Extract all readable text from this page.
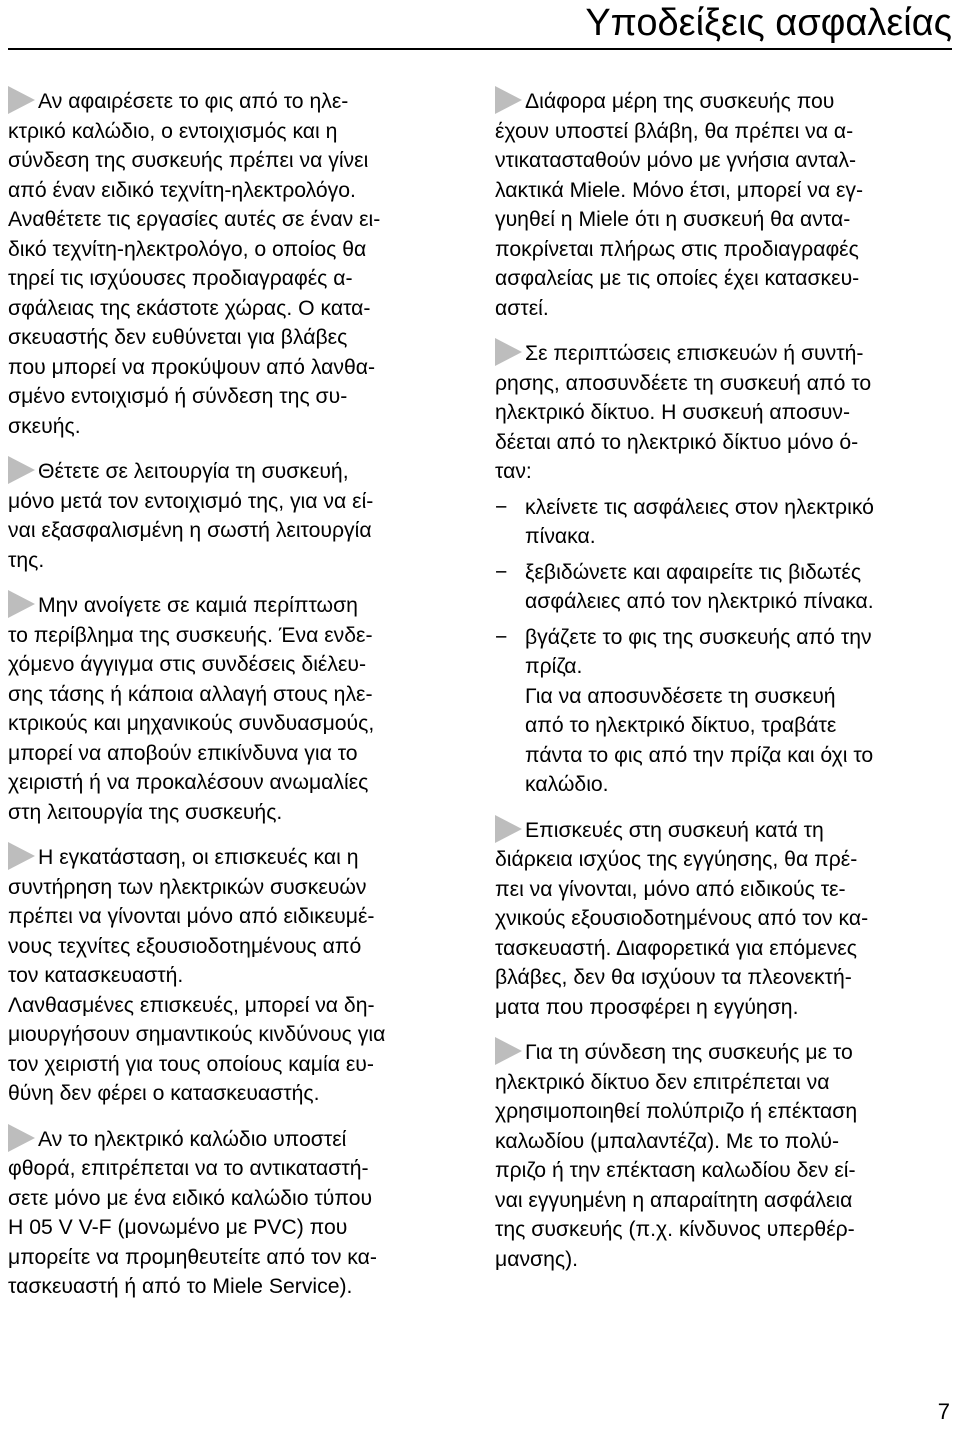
Υποδείξεις ασφαλείας

Αν αφαιρέσετε το φις από το ηλε-
κτρικό καλώδιο, ο εντοιχισμός και η
σύνδεση της συσκευής πρέπει να γίνει
από έναν ειδικό τεχνίτη-ηλεκτρολόγο.
Αναθέτετε τις εργασίες αυτές σε έναν ει-
δικό τεχνίτη-ηλεκτρολόγο, ο οποίος θα
τηρεί τις ισχύουσες προδιαγραφές α-
σφάλειας της εκάστοτε χώρας. Ο κατα-
σκευαστής δεν ευθύνεται για βλάβες
που μπορεί να προκύψουν από λανθα-
σμένο εντοιχισμό ή σύνδεση της συ-
σκευής.

Θέτετε σε λειτουργία τη συσκευή,
μόνο μετά τον εντοιχισμό της, για να εί-
ναι εξασφαλισμένη η σωστή λειτουργία
της.

Μην ανοίγετε σε καμιά περίπτωση
το περίβλημα της συσκευής. Ένα ενδε-
χόμενο άγγιγμα στις συνδέσεις διέλευ-
σης τάσης ή κάποια αλλαγή στους ηλε-
κτρικούς και μηχανικούς συνδυασμούς,
μπορεί να αποβούν επικίνδυνα για το
χειριστή ή να προκαλέσουν ανωμαλίες
στη λειτουργία της συσκευής.

Η εγκατάσταση, οι επισκευές και η
συντήρηση των ηλεκτρικών συσκευών
πρέπει να γίνονται μόνο από ειδικευμέ-
νους τεχνίτες εξουσιοδοτημένους από
τον κατασκευαστή.

Λανθασμένες επισκευές, μπορεί να δη-
μιουργήσουν σημαντικούς κινδύνους για
τον χειριστή για τους οποίους καμία ευ-
θύνη δεν φέρει ο κατασκευαστής.

Αν το ηλεκτρικό καλώδιο υποστεί
φθορά, επιτρέπεται να το αντικαταστή-
σετε μόνο με ένα ειδικό καλώδιο τύπου
H 05 V V-F (μονωμένο με PVC) που
μπορείτε να προμηθευτείτε από τον κα-
τασκευαστή ή από το Miele Service).

Διάφορα μέρη της συσκευής που
έχουν υποστεί βλάβη, θα πρέπει να α-
ντικατασταθούν μόνο με γνήσια ανταλ-
λακτικά Miele. Μόνο έτσι, μπορεί να εγ-
γυηθεί η Miele ότι η συσκευή θα αντα-
ποκρίνεται πλήρως στις προδιαγραφές
ασφαλείας με τις οποίες έχει κατασκευ-
αστεί.

Σε περιπτώσεις επισκευών ή συντή-
ρησης, αποσυνδέετε τη συσκευή από το
ηλεκτρικό δίκτυο. Η συσκευή αποσυν-
δέεται από το ηλεκτρικό δίκτυο μόνο ό-
ταν:

− κλείνετε τις ασφάλειες στον ηλεκτρικό
πίνακα.
− ξεβιδώνετε και αφαιρείτε τις βιδωτές
ασφάλειες από τον ηλεκτρικό πίνακα.
− βγάζετε το φις της συσκευής από την
πρίζα.

Για να αποσυνδέσετε τη συσκευή
από το ηλεκτρικό δίκτυο, τραβάτε
πάντα το φις από την πρίζα και όχι το
καλώδιο.

Επισκευές στη συσκευή κατά τη
διάρκεια ισχύος της εγγύησης, θα πρέ-
πει να γίνονται, μόνο από ειδικούς τε-
χνικούς εξουσιοδοτημένους από τον κα-
τασκευαστή. Διαφορετικά για επόμενες
βλάβες, δεν θα ισχύουν τα πλεονεκτή-
ματα που προσφέρει η εγγύηση.

Για τη σύνδεση της συσκευής με το
ηλεκτρικό δίκτυο δεν επιτρέπεται να
χρησιμοποιηθεί πολύπριζο ή επέκταση
καλωδίου (μπαλαντέζα). Με το πολύ-
πριζο ή την επέκταση καλωδίου δεν εί-
ναι εγγυημένη η απαραίτητη ασφάλεια
της συσκευής (π.χ. κίνδυνος υπερθέρ-
μανσης).

7
